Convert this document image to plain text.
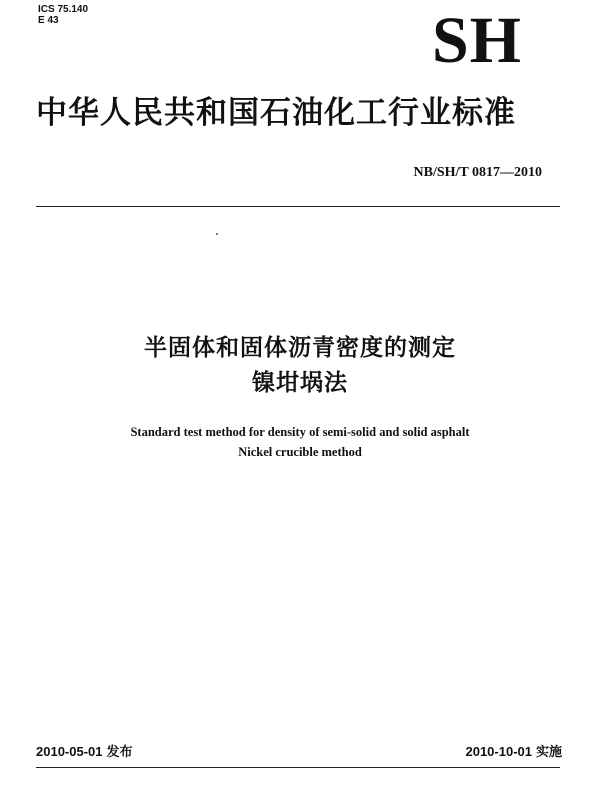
ICS 75.140
E 43	SH
中华人民共和国石油化工行业标准
NB/SH/T 0817—2010
半固体和固体沥青密度的测定
镍坩埚法
Standard test method for density of semi-solid and solid asphalt
Nickel crucible method
2010-05-01 发布	2010-10-01 实施
